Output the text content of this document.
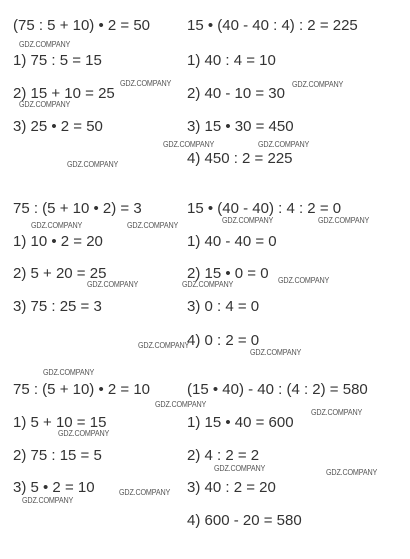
(75 : 5 + 10) • 2 = 50
1) 75 : 5 = 15
2) 15 + 10 = 25
3) 25 • 2 = 50
15 • (40 - 40 : 4) : 2 = 225
1) 40 : 4 = 10
2) 40 - 10 = 30
3) 15 • 30 = 450
4) 450 : 2 = 225
75 : (5 + 10 • 2) = 3
1) 10 • 2 = 20
2) 5 + 20 = 25
3) 75 : 25 = 3
15 • (40 - 40) : 4 : 2 = 0
1) 40 - 40 = 0
2) 15 • 0 = 0
3) 0 : 4 = 0
4) 0 : 2 = 0
75 : (5 + 10) • 2 = 10
1) 5 + 10 = 15
2) 75 : 15 = 5
3) 5 • 2 = 10
(15 • 40) - 40 : (4 : 2) = 580
1) 15 • 40 = 600
2) 4 : 2 = 2
3) 40 : 2 = 20
4) 600 - 20 = 580
GDZ.COMPANY
GDZ.COMPANY	GDZ.COMPANY
GDZ.COMPANY
GDZ.COMPANY	GDZ.COMPANY
GDZ.COMPANY
GDZ.COMPANY	GDZ.COMPANY
GDZ.COMPANY	GDZ.COMPANY
GDZ.COMPANY
GDZ.COMPANY	GDZ.COMPANY
GDZ.COMPANY
GDZ.COMPANY
GDZ.COMPANY
GDZ.COMPANY
GDZ.COMPANY
GDZ.COMPANY
GDZ.COMPANY	GDZ.COMPANY
GDZ.COMPANY
GDZ.COMPANY
